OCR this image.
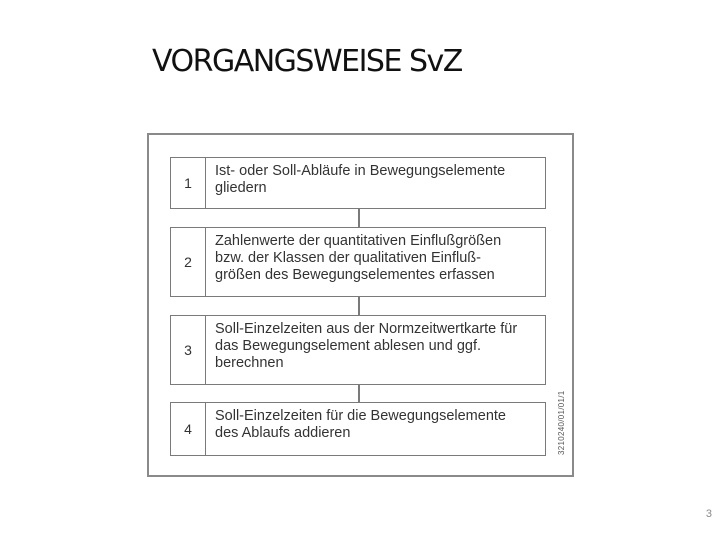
VORGANGSWEISE SvZ
1
Ist- oder Soll-Abläufe in Bewegungselemente
gliedern
2
Zahlenwerte der quantitativen Einflußgrößen
bzw. der Klassen der qualitativen Einfluß-
größen des Bewegungselementes erfassen
3
Soll-Einzelzeiten aus der Normzeitwertkarte für
das Bewegungselement ablesen und ggf.
berechnen
4
Soll-Einzelzeiten für die Bewegungselemente
des Ablaufs addieren	3210240/01/01/1
3
